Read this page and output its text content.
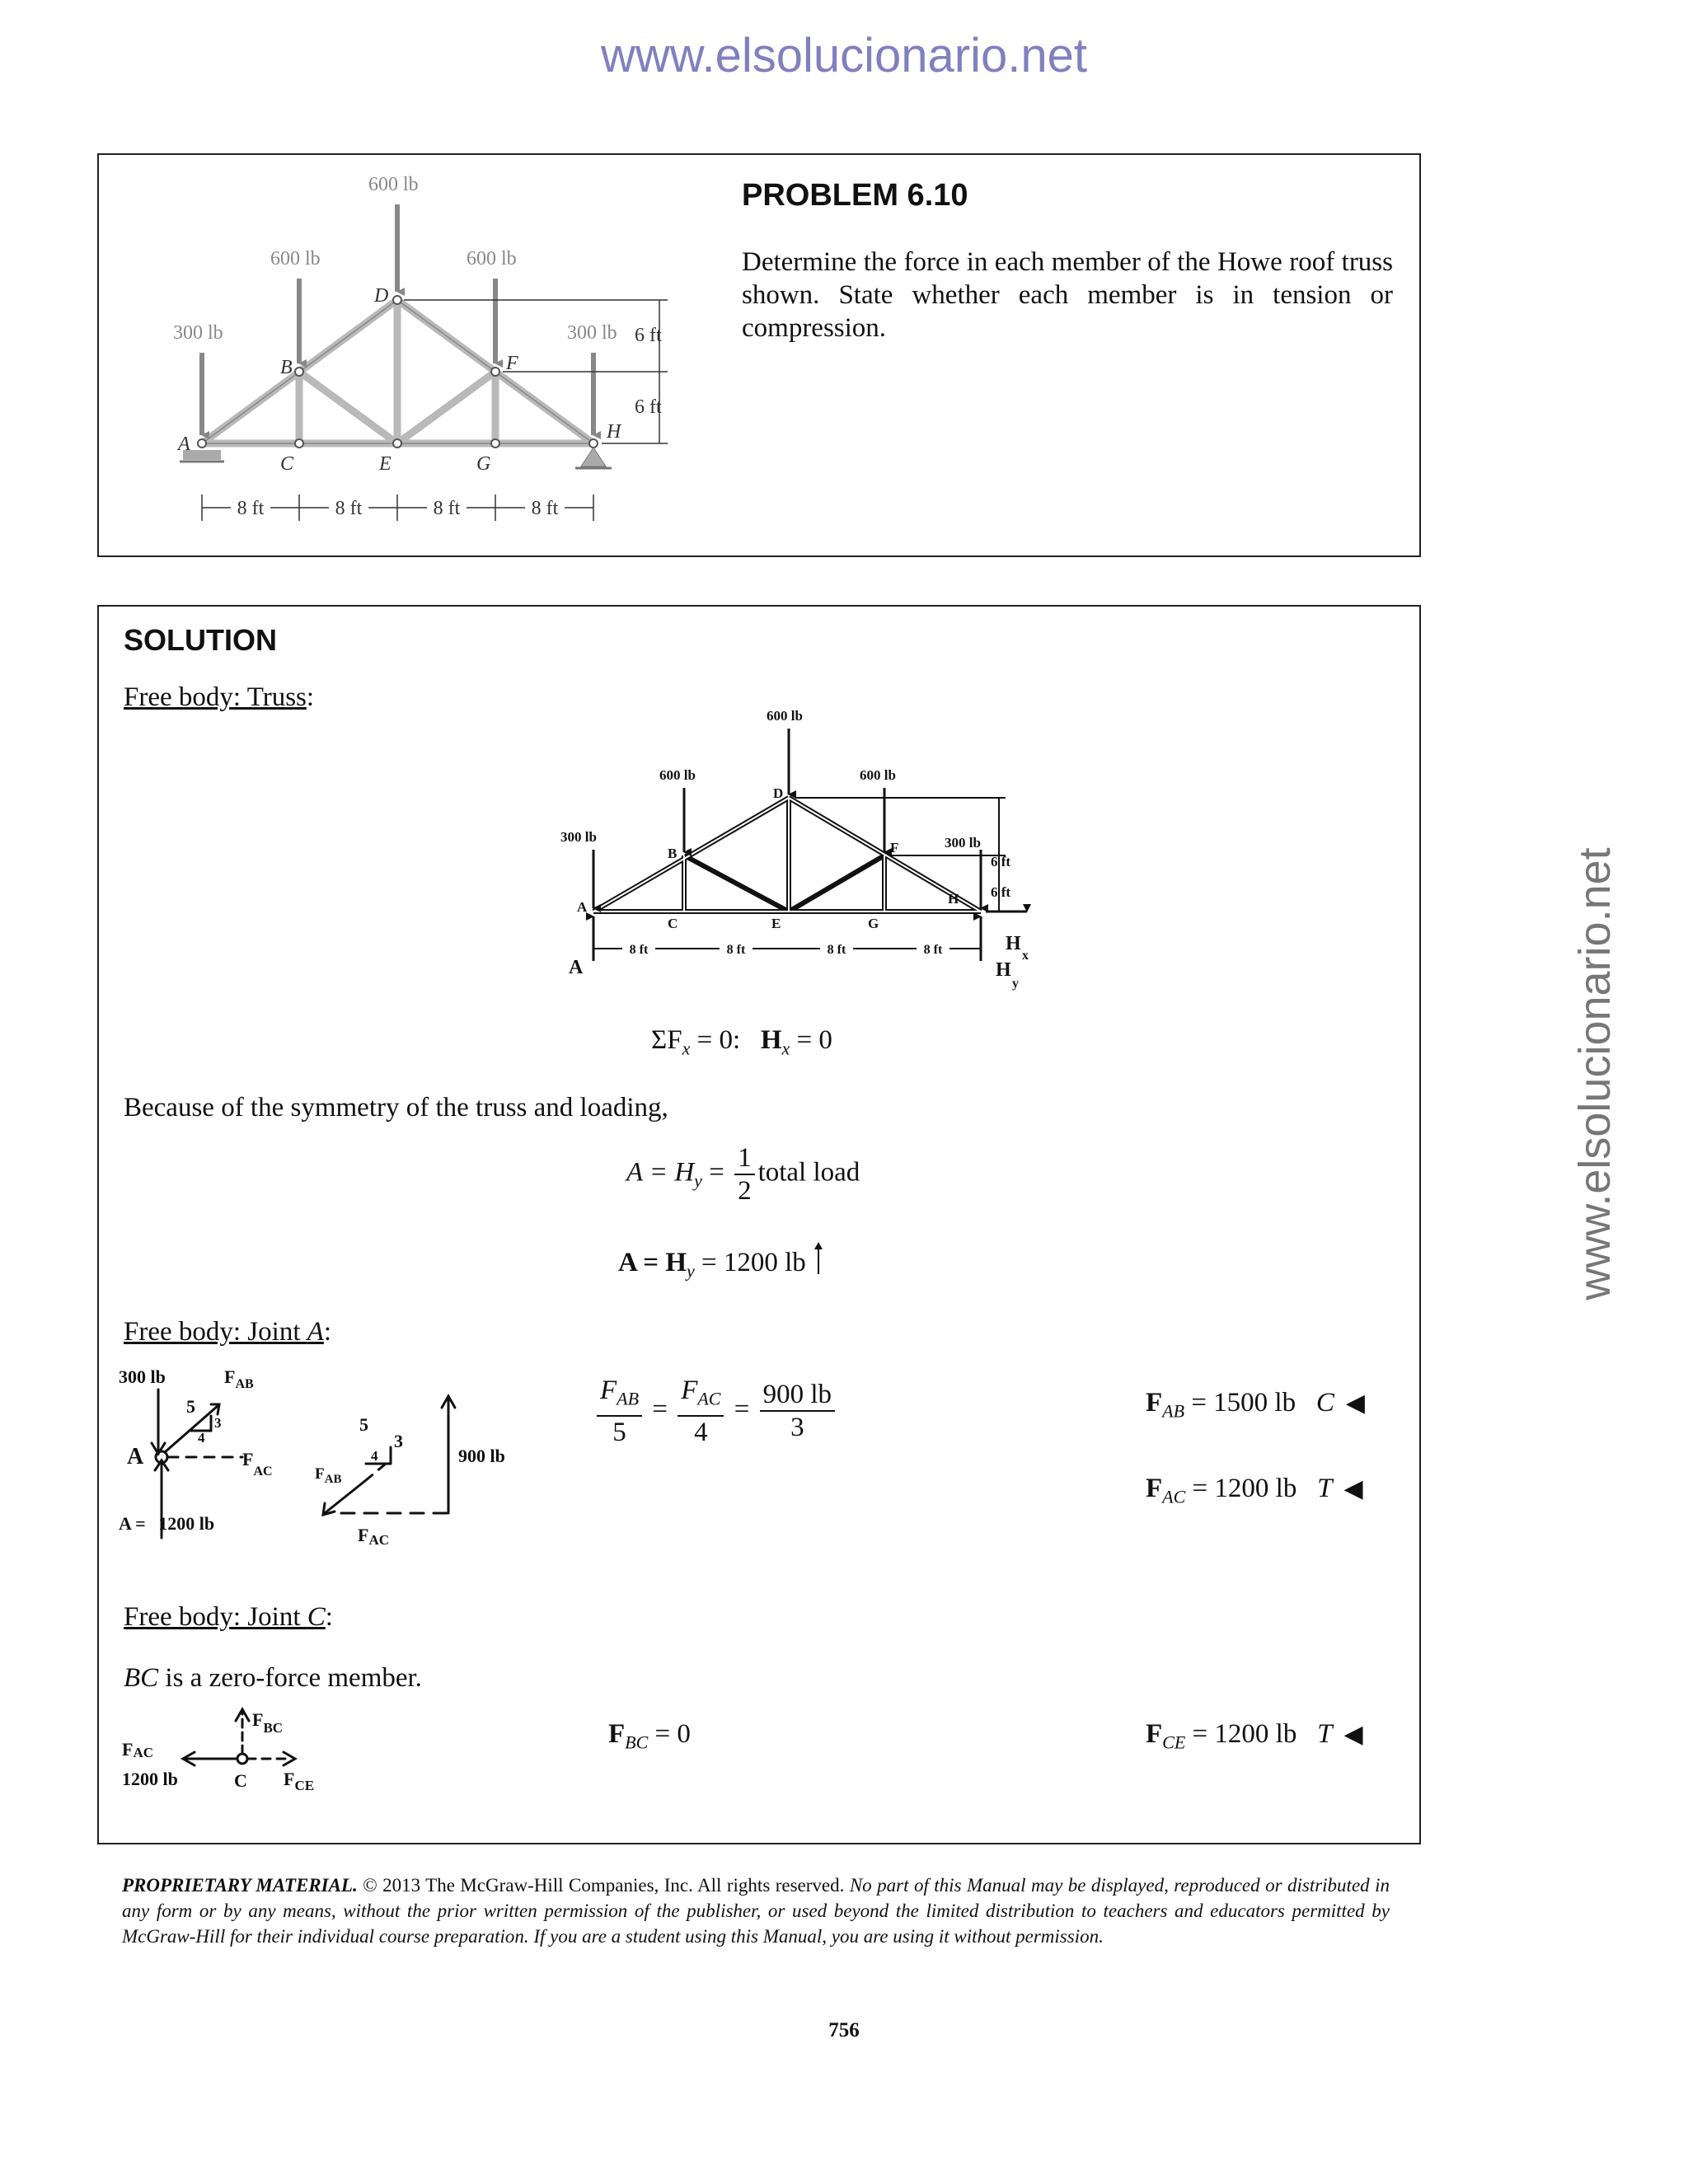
www.elsolucionario.net
www.elsolucionario.net
300 lb
600 lb
600 lb
600 lb
300 lb
A
B
C
D
E
F
G
H
6 ft
6 ft
8 ft	8 ft	8 ft	8 ft
PROBLEM 6.10
Determine the force in each member of the Howe roof truss shown. State whether each member is in tension or compression.
SOLUTION
Free body: Truss:
300 lb
600 lb
600 lb
600 lb
300 lb
A
B
C
D
E
F
G
H
6 ft
6 ft
8 ft	8 ft	8 ft	8 ft
A
H
x
H
y
$\Sigma F_x = 0$: $H_x = 0$
Because of the symmetry of the truss and loading,
$A = H_y = \frac{1}{2}$ total load
$A = H_y = 1200$ lb
Free body: Joint A:
300 lb	$F_{AB}$
5
3
4
A	$F_{AC}$
A = 1200 lb
5
3
4
$F_{AB}$
FAC
900 lb
$\frac{F_{AB}}{5} = \frac{F_{AC}}{4} = \frac{900 lb}{3}$	$F_{AB} = 1500$ lb C ◀
$F_{AC} = 1200$ lb T ◀
Free body: Joint C:
BC is a zero-force member.
FAC
1200 lb
$F_{BC}$
C $F_{CE}$
$F_{BC} = 0$	$F_{CE} = 1200$ lb T ◀
PROPRIETARY MATERIAL. © 2013 The McGraw-Hill Companies, Inc. All rights reserved. No part of this Manual may be displayed, reproduced or distributed in any form or by any means, without the prior written permission of the publisher, or used beyond the limited distribution to teachers and educators permitted by McGraw-Hill for their individual course preparation. If you are a student using this Manual, you are using it without permission.
756
